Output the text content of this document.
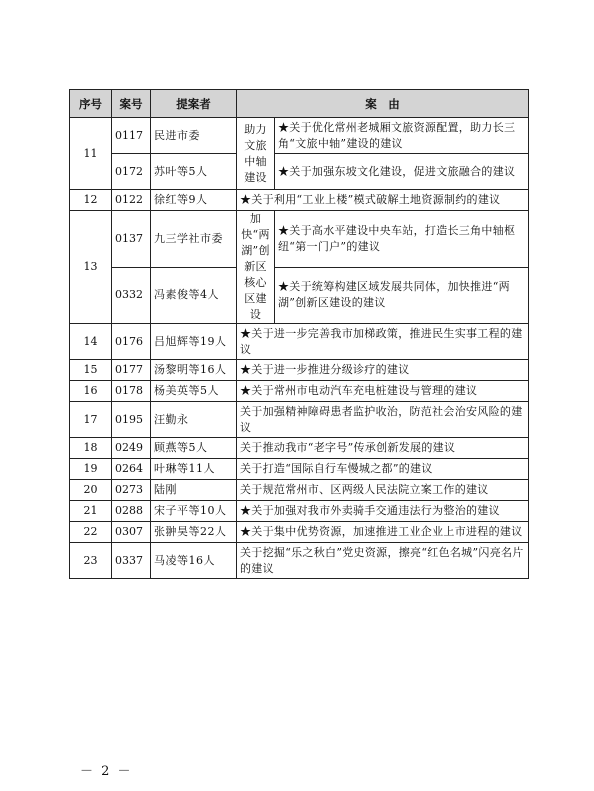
序号	案号	提案者	案　由	
11	0117	民进市委	助力文旅中轴建设	★关于优化常州老城厢文旅资源配置，助力长三角“文旅中轴”建设的建议
	0172	苏叶等5人		★关于加强东坡文化建设，促进文旅融合的建议
12	0122	徐红等9人	★关于利用“工业上楼”模式破解土地资源制约的建议	
13	0137	九三学社市委	加快“两湖”创新区核心区建设	★关于高水平建设中央车站，打造长三角中轴枢纽“第一门户”的建议
	0332	冯素俊等4人		★关于统筹构建区域发展共同体，加快推进“两湖”创新区建设的建议
14	0176	吕旭辉等19人	★关于进一步完善我市加梯政策，推进民生实事工程的建议	
15	0177	汤黎明等16人	★关于进一步推进分级诊疗的建议	
16	0178	杨美英等5人	★关于常州市电动汽车充电桩建设与管理的建议	
17	0195	汪勤永	关于加强精神障碍患者监护收治，防范社会治安风险的建议	
18	0249	顾燕等5人	关于推动我市“老字号”传承创新发展的建议	
19	0264	叶琳等11人	关于打造“国际自行车慢城之都”的建议	
20	0273	陆刚	关于规范常州市、区两级人民法院立案工作的建议	
21	0288	宋子平等10人	★关于加强对我市外卖骑手交通违法行为整治的建议	
22	0307	张翀昊等22人	★关于集中优势资源，加速推进工业企业上市进程的建议	
23	0337	马凌等16人	关于挖掘“乐之秋白”党史资源，擦亮“红色名城”闪亮名片的建议	
－ 2 －
